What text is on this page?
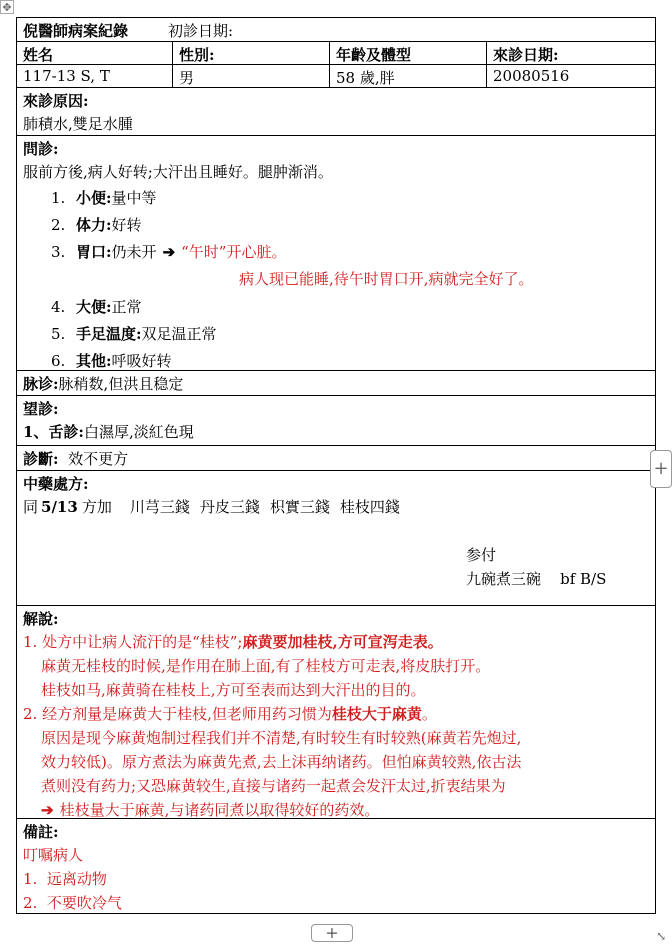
✥
倪醫師病案紀錄	初診日期:
姓名	性別:	年齡及體型	來診日期:
117-13 S, T	男	58 歲,胖	20080516
來診原因:
肺積水,雙足水腫
問診:
服前方後,病人好转;大汗出且睡好。腿肿渐消。
1. 小便:量中等
2. 体力:好转
3. 胃口:仍未开 ➔ “午时”开心脏。
病人现已能睡,待午时胃口开,病就完全好了。
4. 大便:正常
5. 手足温度:双足温正常
6. 其他:呼吸好转
脉诊:脉稍数,但洪且稳定
望診:
1、舌診:白濕厚,淡紅色現
診斷: 效不更方
中藥處方:
同 5/13 方加 川芎三錢 丹皮三錢 枳實三錢 桂枝四錢
参付
九碗煮三碗 bf B/S
解說:
1. 处方中让病人流汗的是“桂枝”;麻黄要加桂枝,方可宣泻走表。
麻黄无桂枝的时候,是作用在肺上面,有了桂枝方可走表,将皮肤打开。
桂枝如马,麻黄骑在桂枝上,方可至表而达到大汗出的目的。
2. 经方剂量是麻黄大于桂枝,但老师用药习惯为桂枝大于麻黄。
原因是现今麻黄炮制过程我们并不清楚,有时较生有时较熟(麻黄若先炮过,
效力较低)。原方煮法为麻黄先煮,去上沫再纳诸药。但怕麻黄较熟,依古法
煮则没有药力;又恐麻黄较生,直接与诸药一起煮会发汗太过,折衷结果为
➔ 桂枝量大于麻黄,与诸药同煮以取得较好的药效。
備註:
叮嘱病人
1. 远离动物
2. 不要吹冷气
+
+	⤡
